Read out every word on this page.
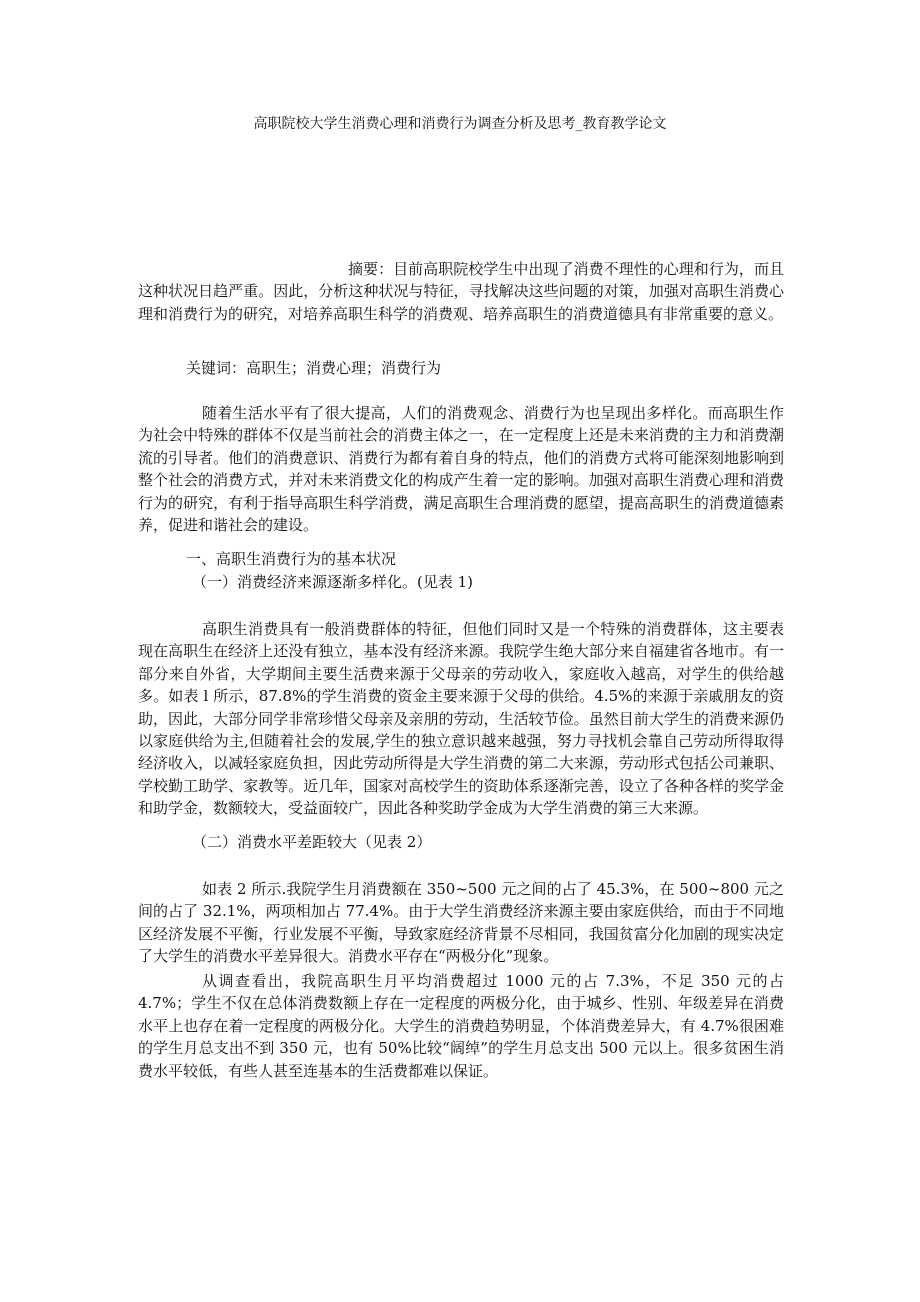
高职院校大学生消费心理和消费行为调查分析及思考_教育教学论文

摘要：目前高职院校学生中出现了消费不理性的心理和行为，而且这种状况日趋严重。因此，分析这种状况与特征，寻找解决这些问题的对策，加强对高职生消费心理和消费行为的研究，对培养高职生科学的消费观、培养高职生的消费道德具有非常重要的意义。

关键词：高职生；消费心理；消费行为

随着生活水平有了很大提高，人们的消费观念、消费行为也呈现出多样化。而高职生作为社会中特殊的群体不仅是当前社会的消费主体之一，在一定程度上还是未来消费的主力和消费潮流的引导者。他们的消费意识、消费行为都有着自身的特点，他们的消费方式将可能深刻地影响到整个社会的消费方式，并对未来消费文化的构成产生着一定的影响。加强对高职生消费心理和消费行为的研究，有利于指导高职生科学消费，满足高职生合理消费的愿望，提高高职生的消费道德素养，促进和谐社会的建设。

一、高职生消费行为的基本状况

（一）消费经济来源逐渐多样化。(见表 1)

高职生消费具有一般消费群体的特征，但他们同时又是一个特殊的消费群体，这主要表现在高职生在经济上还没有独立，基本没有经济来源。我院学生绝大部分来自福建省各地市。有一部分来自外省，大学期间主要生活费来源于父母亲的劳动收入，家庭收入越高，对学生的供给越多。如表 l 所示，87.8%的学生消费的资金主要来源于父母的供给。4.5%的来源于亲戚朋友的资助，因此，大部分同学非常珍惜父母亲及亲朋的劳动，生活较节俭。虽然目前大学生的消费来源仍以家庭供给为主,但随着社会的发展,学生的独立意识越来越强，努力寻找机会靠自己劳动所得取得经济收入，以减轻家庭负担，因此劳动所得是大学生消费的第二大来源，劳动形式包括公司兼职、学校勤工助学、家教等。近几年，国家对高校学生的资助体系逐渐完善，设立了各种各样的奖学金和助学金，数额较大，受益面较广，因此各种奖助学金成为大学生消费的第三大来源。

（二）消费水平差距较大（见表 2）

如表 2 所示.我院学生月消费额在 350~500 元之间的占了 45.3%，在 500~800 元之间的占了 32.1%，两项相加占 77.4%。由于大学生消费经济来源主要由家庭供给，而由于不同地区经济发展不平衡，行业发展不平衡，导致家庭经济背景不尽相同，我国贫富分化加剧的现实决定了大学生的消费水平差异很大。消费水平存在“两极分化”现象。

从调查看出，我院高职生月平均消费超过 1000 元的占 7.3%，不足 350 元的占 4.7%；学生不仅在总体消费数额上存在一定程度的两极分化，由于城乡、性别、年级差异在消费水平上也存在着一定程度的两极分化。大学生的消费趋势明显，个体消费差异大，有 4.7%很困难的学生月总支出不到 350 元，也有 50%比较“阔绰”的学生月总支出 500 元以上。很多贫困生消费水平较低，有些人甚至连基本的生活费都难以保证。
